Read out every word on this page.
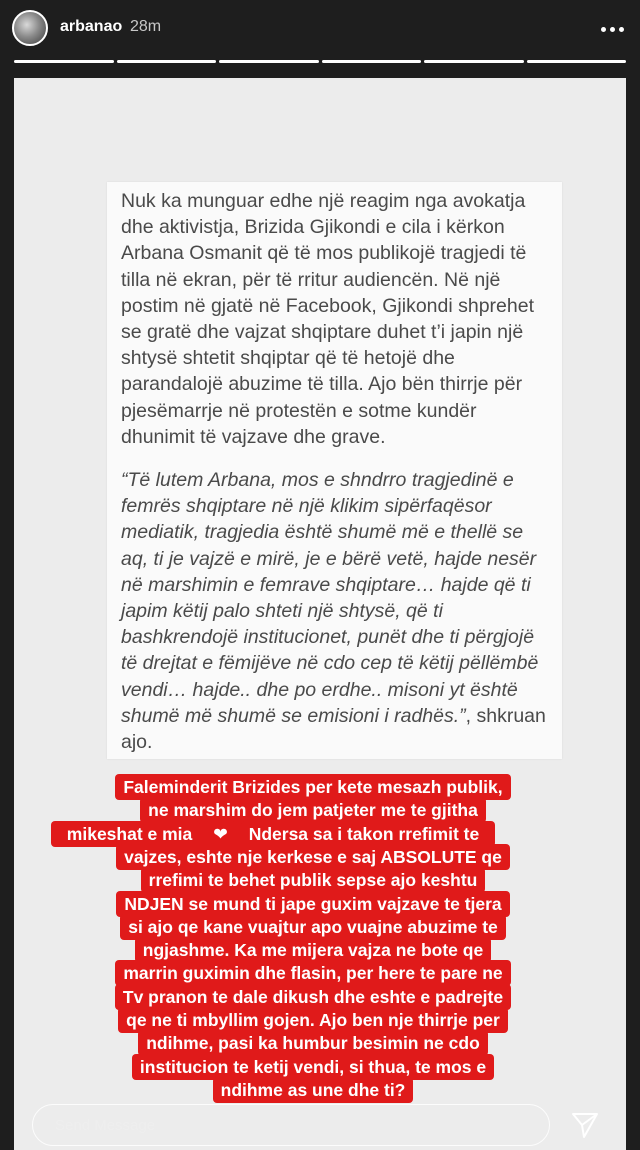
arbanao 28m

Nuk ka munguar edhe një reagim nga avokatja dhe aktivistja, Brizida Gjikondi e cila i kërkon Arbana Osmanit që të mos publikojë tragjedi të tilla në ekran, për të rritur audiencën. Në një postim në gjatë në Facebook, Gjikondi shprehet se gratë dhe vajzat shqiptare duhet t’i japin një shtysë shtetit shqiptar që të hetojë dhe parandalojë abuzime të tilla. Ajo bën thirrje për pjesëmarrje në protestën e sotme kundër dhunimit të vajzave dhe grave.

“Të lutem Arbana, mos e shndrro tragjedinë e femrës shqiptare në një klikim sipërfaqësor mediatik, tragjedia është shumë më e thellë se aq, ti je vajzë e mirë, je e bërë vetë, hajde nesër në marshimin e femrave shqiptare… hajde që ti japim këtij palo shteti një shtysë, që ti bashkrendojë institucionet, punët dhe ti përgjojë të drejtat e fëmijëve në cdo cep të këtij pëllëmbë vendi… hajde.. dhe po erdhe.. misoni yt është shumë më shumë se emisioni i radhës.”, shkruan ajo.

Faleminderit Brizides per kete mesazh publik,
ne marshim do jem patjeter me te gjitha
mikeshat e mia ❤ Ndersa sa i takon rrefimit te
vajzes, eshte nje kerkese e saj ABSOLUTE qe
rrefimi te behet publik sepse ajo keshtu
NDJEN se mund ti jape guxim vajzave te tjera
si ajo qe kane vuajtur apo vuajne abuzime te
ngjashme. Ka me mijera vajza ne bote qe
marrin guximin dhe flasin, per here te pare ne
Tv pranon te dale dikush dhe eshte e padrejte
qe ne ti mbyllim gojen. Ajo ben nje thirrje per
ndihme, pasi ka humbur besimin ne cdo
institucion te ketij vendi, si thua, te mos e
ndihme as une dhe ti?
Send Message
